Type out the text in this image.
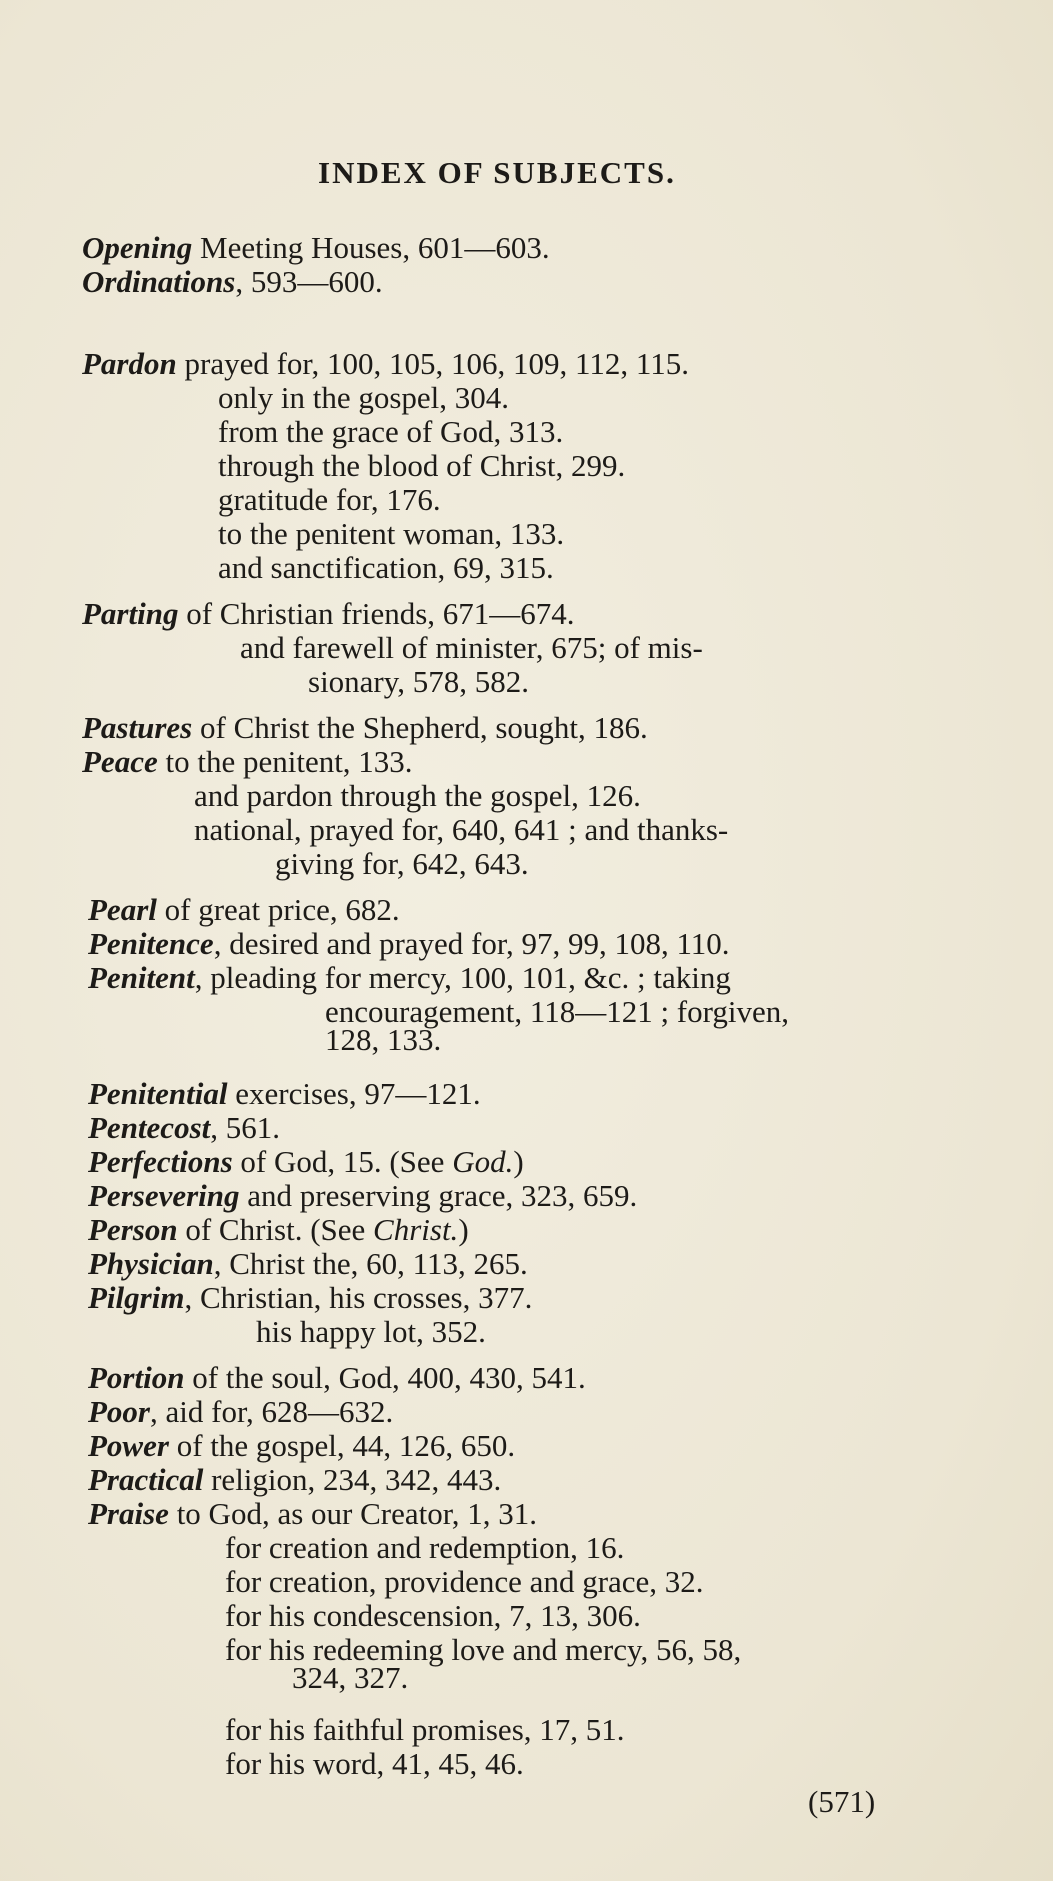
INDEX OF SUBJECTS.
Opening Meeting Houses, 601—603.
Ordinations, 593—600.
Pardon prayed for, 100, 105, 106, 109, 112, 115.
only in the gospel, 304.
from the grace of God, 313.
through the blood of Christ, 299.
gratitude for, 176.
to the penitent woman, 133.
and sanctification, 69, 315.
Parting of Christian friends, 671—674.
and farewell of minister, 675; of mis-
sionary, 578, 582.
Pastures of Christ the Shepherd, sought, 186.
Peace to the penitent, 133.
and pardon through the gospel, 126.
national, prayed for, 640, 641 ; and thanks-
giving for, 642, 643.
Pearl of great price, 682.
Penitence, desired and prayed for, 97, 99, 108, 110.
Penitent, pleading for mercy, 100, 101, &c. ; taking
encouragement, 118—121 ; forgiven,
128, 133.
Penitential exercises, 97—121.
Pentecost, 561.
Perfections of God, 15. (See God.)
Persevering and preserving grace, 323, 659.
Person of Christ. (See Christ.)
Physician, Christ the, 60, 113, 265.
Pilgrim, Christian, his crosses, 377.
his happy lot, 352.
Portion of the soul, God, 400, 430, 541.
Poor, aid for, 628—632.
Power of the gospel, 44, 126, 650.
Practical religion, 234, 342, 443.
Praise to God, as our Creator, 1, 31.
for creation and redemption, 16.
for creation, providence and grace, 32.
for his condescension, 7, 13, 306.
for his redeeming love and mercy, 56, 58,
324, 327.
for his faithful promises, 17, 51.
for his word, 41, 45, 46.
(571)
